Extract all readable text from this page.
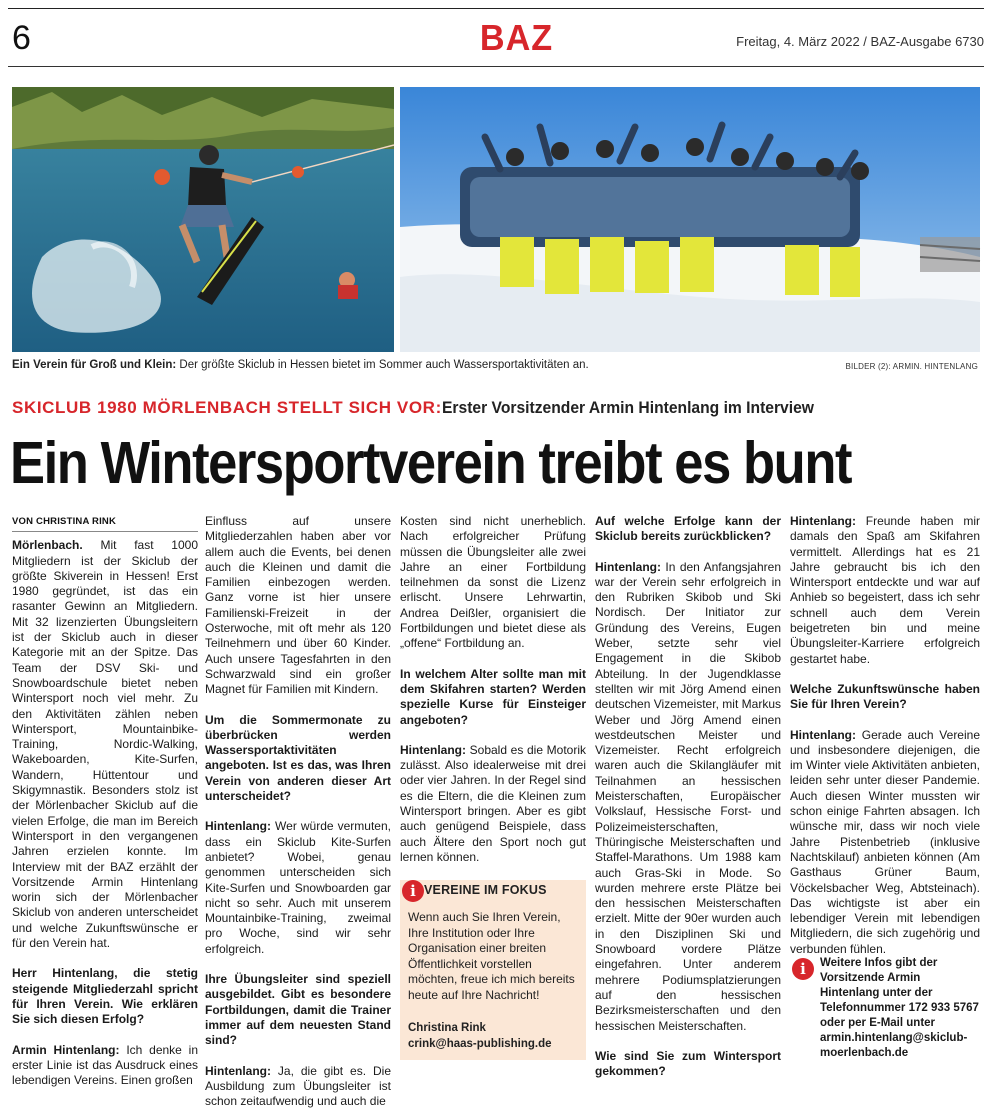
6	BAZ	Freitag, 4. März 2022 / BAZ-Ausgabe 6730
Ein Verein für Groß und Klein: Der größte Skiclub in Hessen bietet im Sommer auch Wassersportaktivitäten an.	BILDER (2): ARMIN. HINTENLANG
SKICLUB 1980 MÖRLENBACH STELLT SICH VOR:Erster Vorsitzender Armin Hintenlang im Interview
Ein Wintersportverein treibt es bunt
VON CHRISTINA RINK

Mörlenbach. Mit fast 1000 Mitgliedern ist der Skiclub der größte Skiverein in Hessen! Erst 1980 gegründet, ist das ein rasanter Gewinn an Mitgliedern. Mit 32 lizenzierten Übungsleitern ist der Skiclub auch in dieser Kategorie mit an der Spitze. Das Team der DSV Ski- und Snowboardschule bietet neben Wintersport noch viel mehr. Zu den Aktivitäten zählen neben Wintersport, Mountainbike-Training, Nordic-Walking, Wakeboarden, Kite-Surfen, Wandern, Hüttentour und Skigymnastik. Besonders stolz ist der Mörlenbacher Skiclub auf die vielen Erfolge, die man im Bereich Wintersport in den vergangenen Jahren erzielen konnte. Im Interview mit der BAZ erzählt der Vorsitzende Armin Hintenlang worin sich der Mörlenbacher Skiclub von anderen unterscheidet und welche Zukunftswünsche er für den Verein hat.

Herr Hintenlang, die stetig steigende Mitgliederzahl spricht für Ihren Verein. Wie erklären Sie sich diesen Erfolg?

Armin Hintenlang: Ich denke in erster Linie ist das Ausdruck eines lebendigen Vereins. Einen großen

Einfluss auf unsere Mitgliederzahlen haben aber vor allem auch die Events, bei denen auch die Kleinen und damit die Familien einbezogen werden. Ganz vorne ist hier unsere Familienski-Freizeit in der Osterwoche, mit oft mehr als 120 Teilnehmern und über 60 Kinder. Auch unsere Tagesfahrten in den Schwarzwald sind ein großer Magnet für Familien mit Kindern.

Um die Sommermonate zu überbrücken werden Wassersportaktivitäten angeboten. Ist es das, was Ihren Verein von anderen dieser Art unterscheidet?

Hintenlang: Wer würde vermuten, dass ein Skiclub Kite-Surfen anbietet? Wobei, genau genommen unterscheiden sich Kite-Surfen und Snowboarden gar nicht so sehr. Auch mit unserem Mountainbike-Training, zweimal pro Woche, sind wir sehr erfolgreich.

Ihre Übungsleiter sind speziell ausgebildet. Gibt es besondere Fortbildungen, damit die Trainer immer auf dem neuesten Stand sind?

Hintenlang: Ja, die gibt es. Die Ausbildung zum Übungsleiter ist schon zeitaufwendig und auch die

Kosten sind nicht unerheblich. Nach erfolgreicher Prüfung müssen die Übungsleiter alle zwei Jahre an einer Fortbildung teilnehmen da sonst die Lizenz erlischt. Unsere Lehrwartin, Andrea Deißler, organisiert die Fortbildungen und bietet diese als „offene“ Fortbildung an.

In welchem Alter sollte man mit dem Skifahren starten? Werden spezielle Kurse für Einsteiger angeboten?

Hintenlang: Sobald es die Motorik zulässt. Also idealerweise mit drei oder vier Jahren. In der Regel sind es die Eltern, die die Kleinen zum Wintersport bringen. Aber es gibt auch genügend Beispiele, dass auch Ältere den Sport noch gut lernen können.

i VEREINE IM FOKUS
Wenn auch Sie Ihren Verein, Ihre Institution oder Ihre Organisation einer breiten Öffentlichkeit vorstellen möchten, freue ich mich bereits heute auf Ihre Nachricht!
Christina Rink
crink@haas-publishing.de

Auf welche Erfolge kann der Skiclub bereits zurückblicken?

Hintenlang: In den Anfangsjahren war der Verein sehr erfolgreich in den Rubriken Skibob und Ski Nordisch. Der Initiator zur Gründung des Vereins, Eugen Weber, setzte sehr viel Engagement in die Skibob Abteilung. In der Jugendklasse stellten wir mit Jörg Amend einen deutschen Vizemeister, mit Markus Weber und Jörg Amend einen westdeutschen Meister und Vizemeister. Recht erfolgreich waren auch die Skilangläufer mit Teilnahmen an hessischen Meisterschaften, Europäischer Volkslauf, Hessische Forst- und Polizeimeisterschaften, Thüringische Meisterschaften und Staffel-Marathons. Um 1988 kam auch Gras-Ski in Mode. So wurden mehrere erste Plätze bei den hessischen Meisterschaften erzielt. Mitte der 90er wurden auch in den Disziplinen Ski und Snowboard vordere Plätze eingefahren. Unter anderem mehrere Podiumsplatzierungen auf den hessischen Bezirksmeisterschaften und den hessischen Meisterschaften.

Wie sind Sie zum Wintersport gekommen?

Hintenlang: Freunde haben mir damals den Spaß am Skifahren vermittelt. Allerdings hat es 21 Jahre gebraucht bis ich den Wintersport entdeckte und war auf Anhieb so begeistert, dass ich sehr schnell auch dem Verein beigetreten bin und meine Übungsleiter-Karriere erfolgreich gestartet habe.

Welche Zukunftswünsche haben Sie für Ihren Verein?

Hintenlang: Gerade auch Vereine und insbesondere diejenigen, die im Winter viele Aktivitäten anbieten, leiden sehr unter dieser Pandemie. Auch diesen Winter mussten wir schon einige Fahrten absagen. Ich wünsche mir, dass wir noch viele Jahre Pistenbetrieb (inklusive Nachtskilauf) anbieten können (Am Gasthaus Grüner Baum, Vöckelsbacher Weg, Abtsteinach). Das wichtigste ist aber ein lebendiger Verein mit lebendigen Mitgliedern, die sich zugehörig und verbunden fühlen.

i	Weitere Infos gibt der Vorsitzende Armin Hintenlang unter der Telefonnummer 172 933 5767 oder per E-Mail unter armin.hintenlang@skiclub-moerlenbach.de
